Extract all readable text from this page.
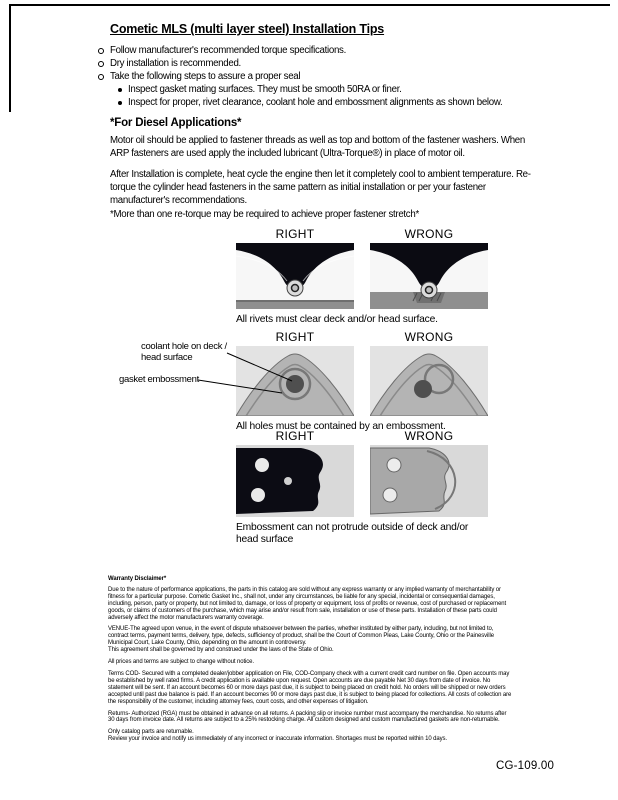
Cometic MLS (multi layer steel) Installation Tips
Follow manufacturer's recommended torque specifications.
Dry installation is recommended.
Take the following steps to assure a proper seal
Inspect gasket mating surfaces. They must be smooth 50RA or finer.
Inspect for proper, rivet clearance, coolant hole and embossment alignments as shown below.
*For Diesel Applications*
Motor oil should be applied to fastener threads as well as top and bottom of the fastener washers. When ARP fasteners are used apply the included lubricant (Ultra-Torque®) in place of motor oil.
After Installation is complete, heat cycle the engine then let it completely cool to ambient temperature. Re-torque the cylinder head fasteners in the same pattern as initial installation or per your fastener manufacturer's recommendations.
*More than one re-torque may be required to achieve proper fastener stretch*
RIGHT	WRONG
All rivets must clear deck and/or head surface.
RIGHT	WRONG
All holes must be contained by an embossment.
coolant hole on deck / head surface
gasket embossment
RIGHT	WRONG
Embossment can not protrude outside of deck and/or head surface
Warranty Disclaimer*

Due to the nature of performance applications, the parts in this catalog are sold without any express warranty or any implied warranty of merchantability or fitness for a particular purpose. Cometic Gasket Inc., shall not, under any circumstances, be liable for any special, incidental or consequential damages, including, person, party or property, but not limited to, damage, or loss of property or equipment, loss of profits or revenue, cost of purchased or replacement goods, or claims of customers of the purchase, which may arise and/or result from sale, installation or use of these parts. Installation of these parts could adversely affect the motor manufacturers warranty coverage.

VENUE-The agreed upon venue, in the event of dispute whatsoever between the parties, whether instituted by either party, including, but not limited to, contract terms, payment terms, delivery, type, defects, sufficiency of product, shall be the Court of Common Pleas, Lake County, Ohio or the Painesville Municipal Court, Lake County, Ohio, depending on the amount in controversy.

This agreement shall be governed by and construed under the laws of the State of Ohio.

All prices and terms are subject to change without notice.

Terms COD- Secured with a completed dealer/jobber application on File, COD-Company check with a current credit card number on file. Open accounts may be established by well rated firms. A credit application is available upon request. Open accounts are due payable Net 30 days from date of invoice. No statement will be sent. If an account becomes 60 or more days past due, it is subject to being placed on credit hold. No orders will be shipped or new orders accepted until past due balance is paid. If an account becomes 90 or more days past due, it is subject to being placed for collections. All costs of collection are the responsibility of the customer, including attorney fees, court costs, and other expenses of litigation.

Returns- Authorized (RGA) must be obtained in advance on all returns. A packing slip or invoice number must accompany the merchandise. No returns after 30 days from invoice date. All returns are subject to a 25% restocking charge. All custom designed and custom manufactured gaskets are non-returnable.

Only catalog parts are returnable.

Review your invoice and notify us immediately of any incorrect or inaccurate information. Shortages must be reported within 10 days.

CG-109.00
